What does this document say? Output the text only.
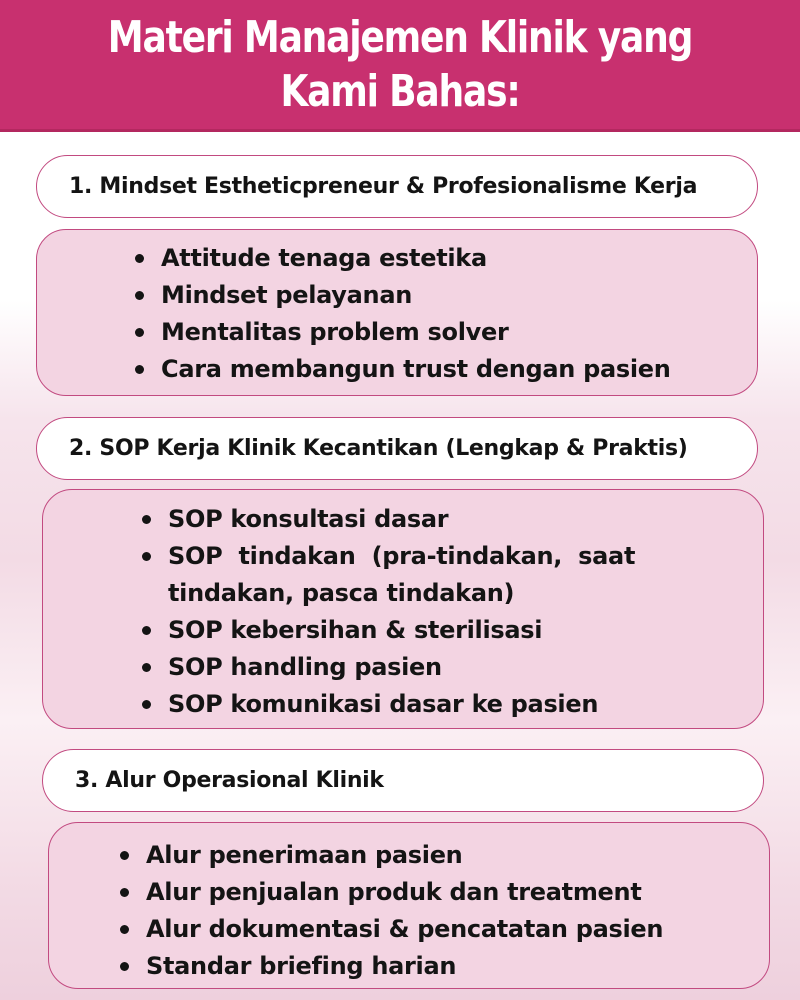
Materi Manajemen Klinik yang Kami Bahas:
1. Mindset Estheticpreneur & Profesionalisme Kerja
Attitude tenaga estetika
Mindset pelayanan
Mentalitas problem solver
Cara membangun trust dengan pasien
2. SOP Kerja Klinik Kecantikan (Lengkap & Praktis)
SOP konsultasi dasar
SOP  tindakan  (pra-tindakan,  saat  tindakan, pasca tindakan)
SOP kebersihan & sterilisasi
SOP handling pasien
SOP komunikasi dasar ke pasien
3. Alur Operasional Klinik
Alur penerimaan pasien
Alur penjualan produk dan treatment
Alur dokumentasi & pencatatan pasien
Standar briefing harian
